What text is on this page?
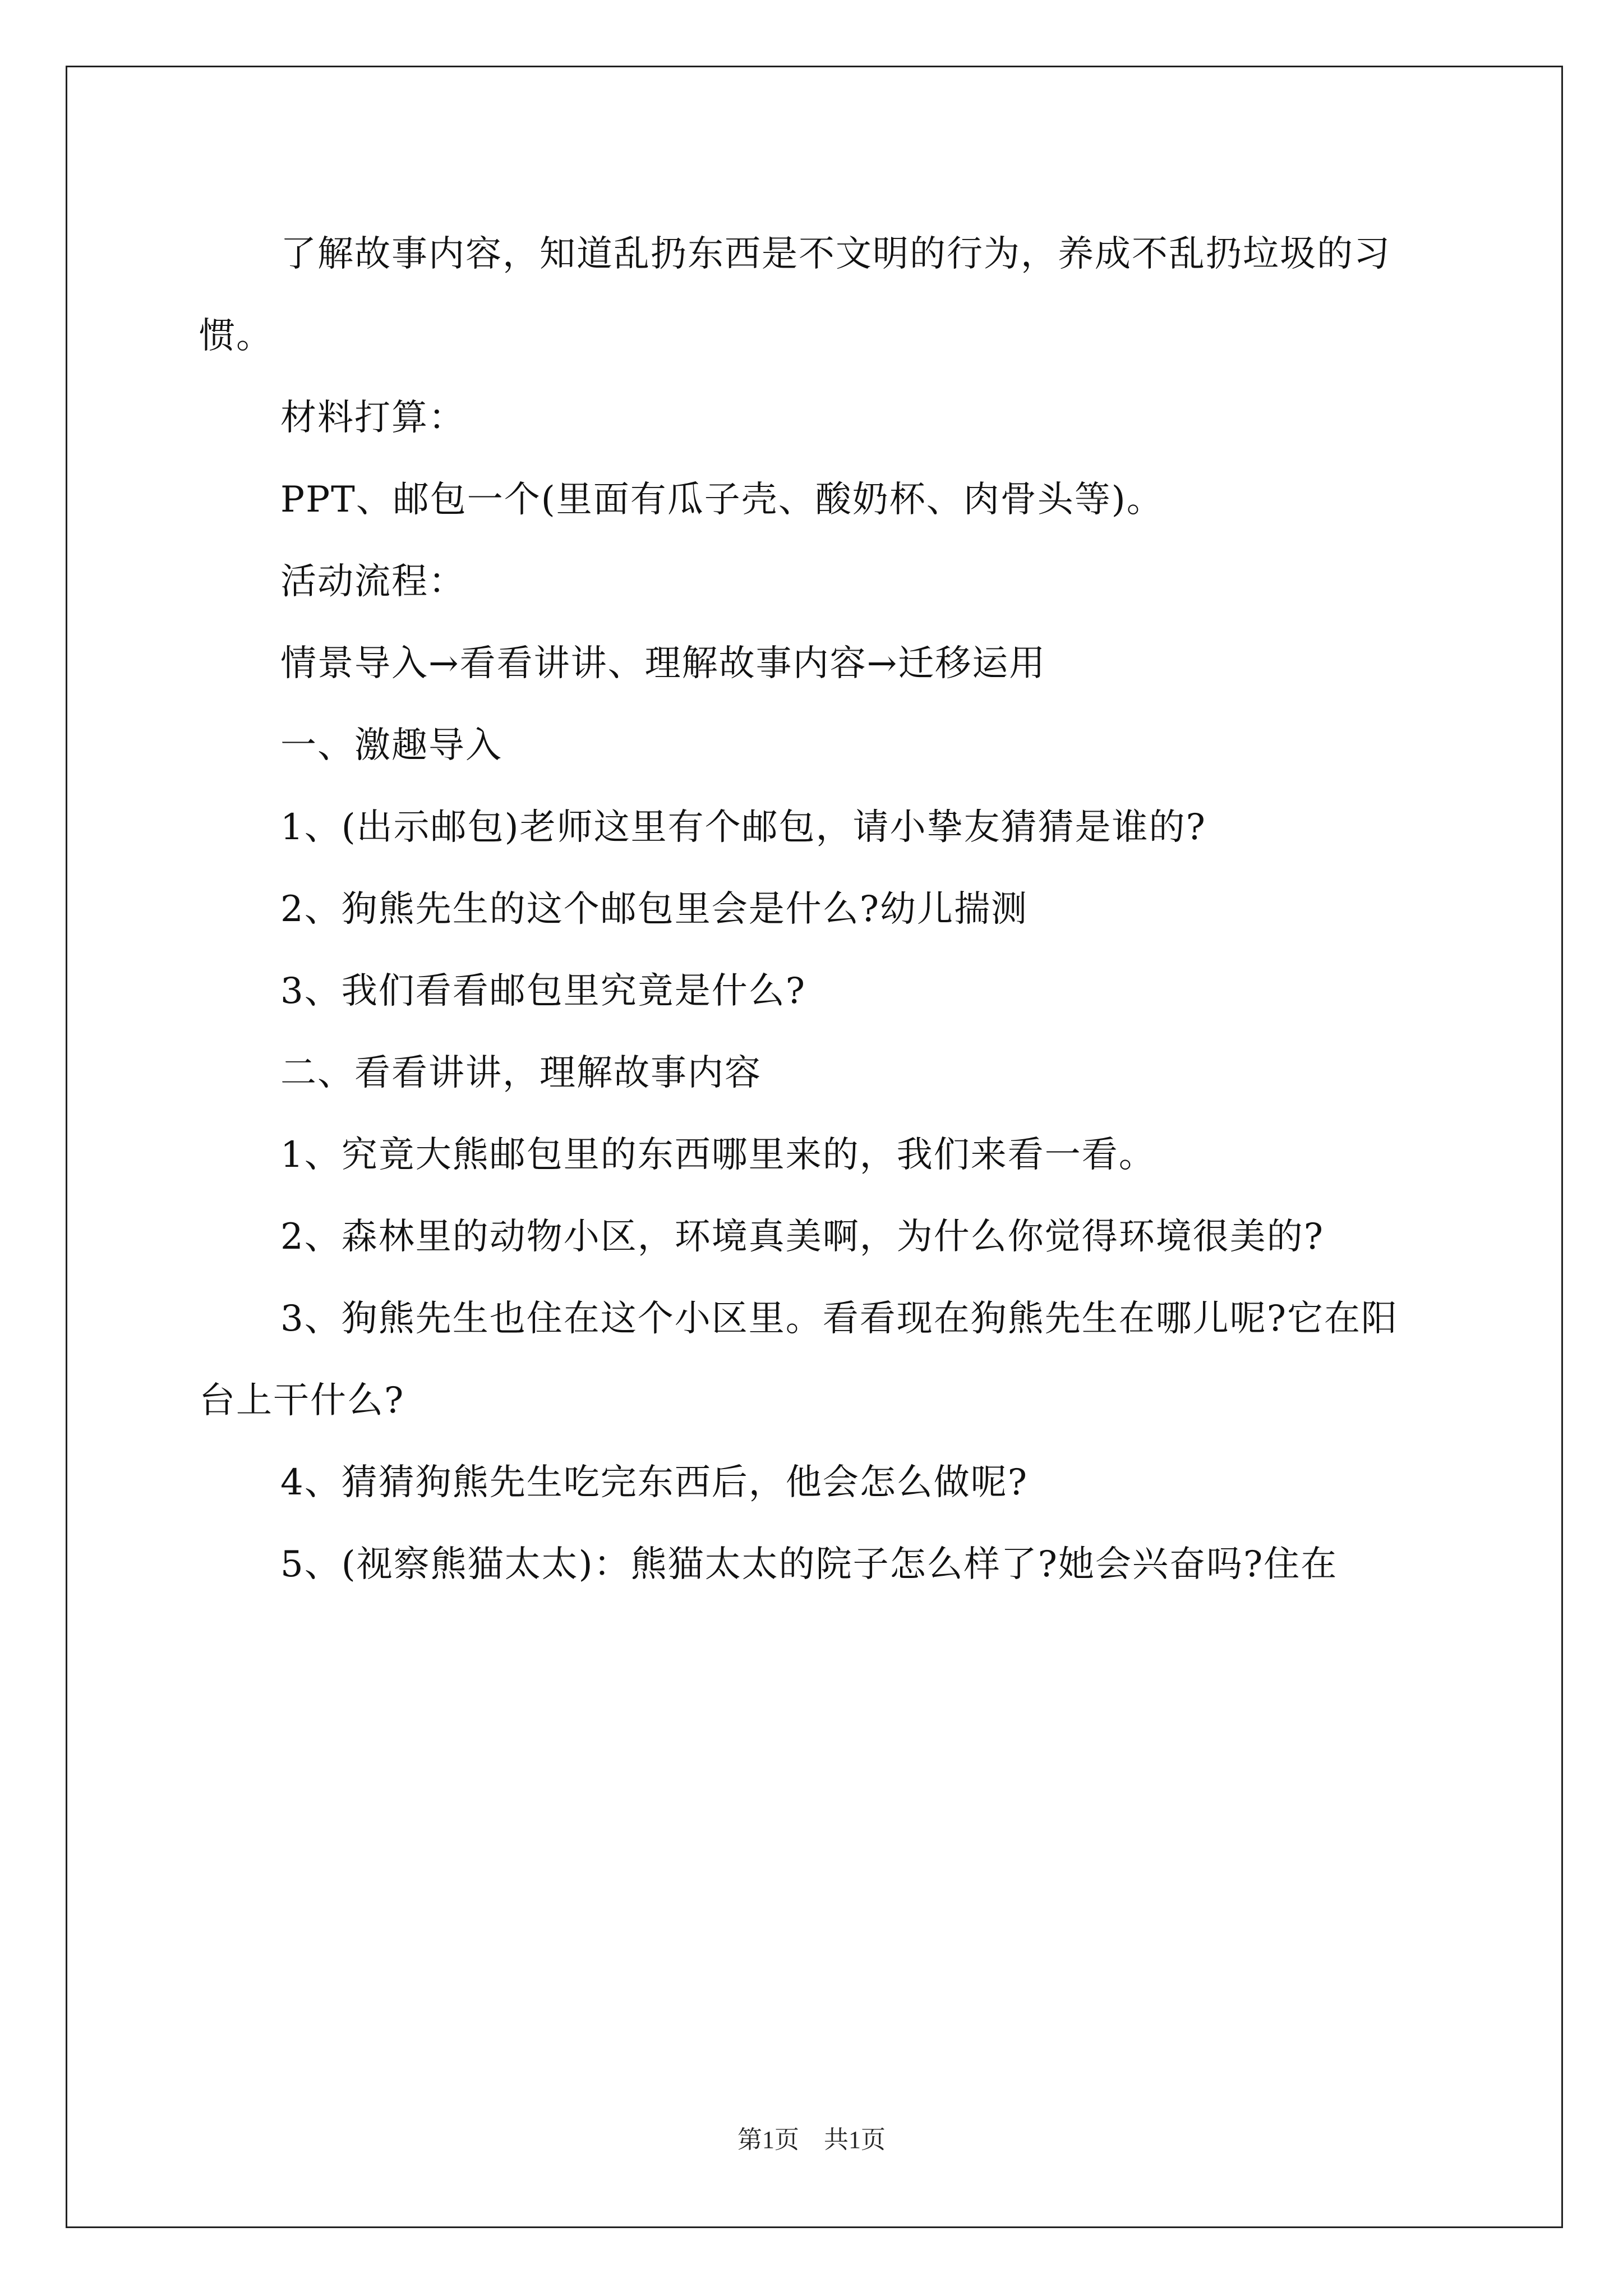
了解故事内容，知道乱扔东西是不文明的行为，养成不乱扔垃圾的习惯。

材料打算：

PPT、邮包一个(里面有瓜子壳、酸奶杯、肉骨头等)。

活动流程：

情景导入→看看讲讲、理解故事内容→迁移运用

一、激趣导入

1、(出示邮包)老师这里有个邮包，请小挚友猜猜是谁的?

2、狗熊先生的这个邮包里会是什么?幼儿揣测

3、我们看看邮包里究竟是什么?

二、看看讲讲，理解故事内容

1、究竟大熊邮包里的东西哪里来的，我们来看一看。

2、森林里的动物小区，环境真美啊，为什么你觉得环境很美的?

3、狗熊先生也住在这个小区里。看看现在狗熊先生在哪儿呢?它在阳台上干什么?

4、猜猜狗熊先生吃完东西后，他会怎么做呢?

5、(视察熊猫太太)：熊猫太太的院子怎么样了?她会兴奋吗?住在

第1页　共1页
